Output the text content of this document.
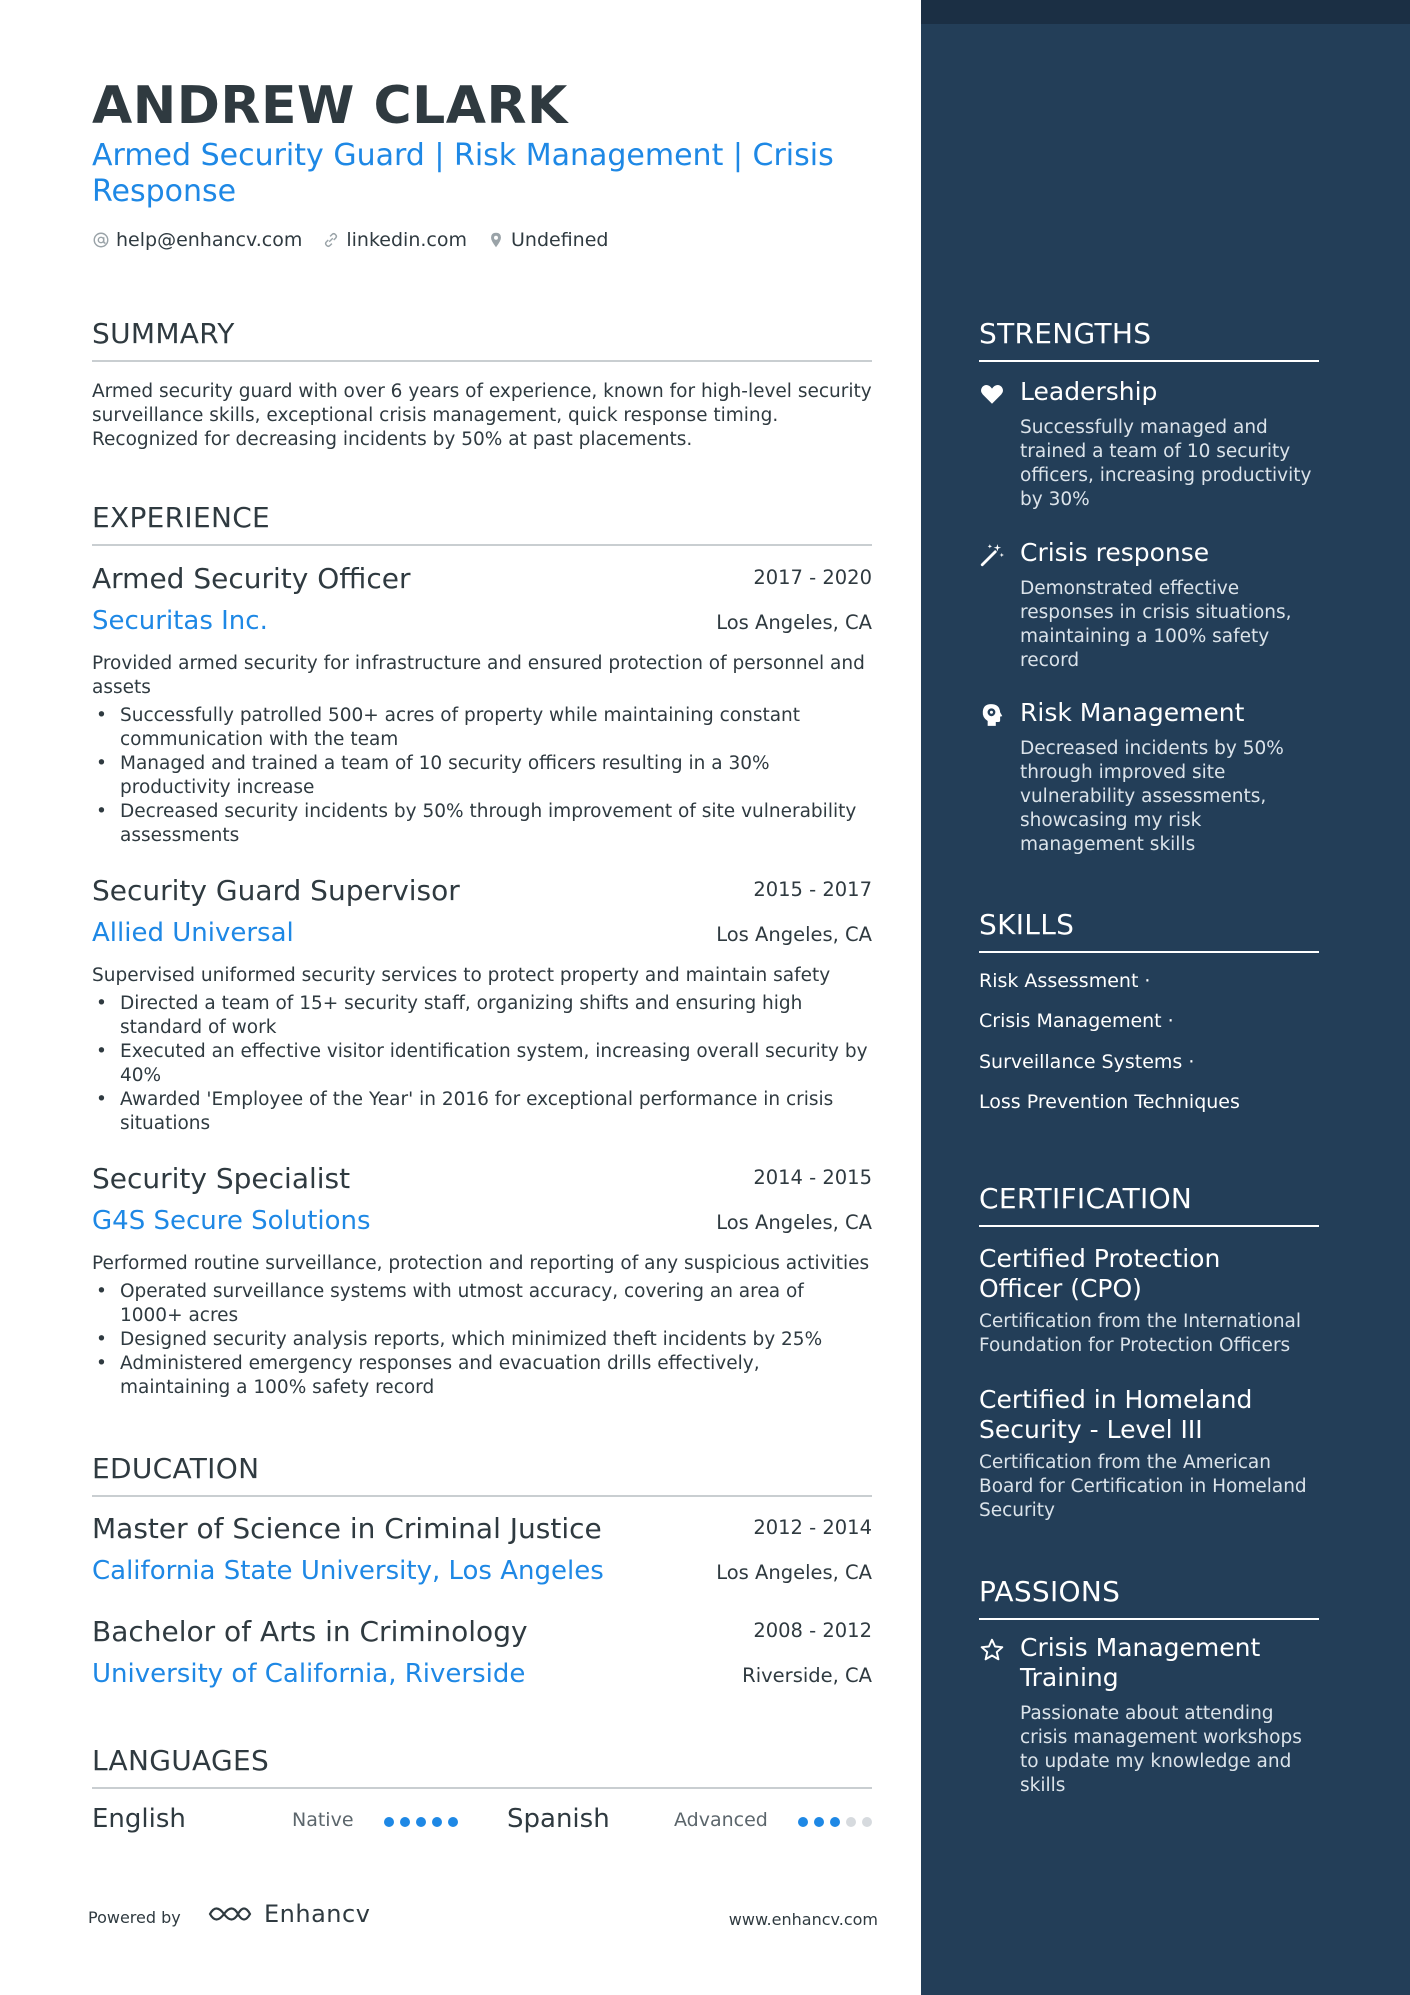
ANDREW CLARK
Armed Security Guard | Risk Management | Crisis Response
help@enhancv.com linkedin.com Undefined
SUMMARY
Armed security guard with over 6 years of experience, known for high-level security surveillance skills, exceptional crisis management, quick response timing. Recognized for decreasing incidents by 50% at past placements.
EXPERIENCE
Armed Security Officer	2017 - 2020
Securitas Inc.	Los Angeles, CA
Provided armed security for infrastructure and ensured protection of personnel and assets
• Successfully patrolled 500+ acres of property while maintaining constant communication with the team
• Managed and trained a team of 10 security officers resulting in a 30% productivity increase
• Decreased security incidents by 50% through improvement of site vulnerability assessments
Security Guard Supervisor	2015 - 2017
Allied Universal	Los Angeles, CA
Supervised uniformed security services to protect property and maintain safety
• Directed a team of 15+ security staff, organizing shifts and ensuring high standard of work
• Executed an effective visitor identification system, increasing overall security by 40%
• Awarded 'Employee of the Year' in 2016 for exceptional performance in crisis situations
Security Specialist	2014 - 2015
G4S Secure Solutions	Los Angeles, CA
Performed routine surveillance, protection and reporting of any suspicious activities
• Operated surveillance systems with utmost accuracy, covering an area of 1000+ acres
• Designed security analysis reports, which minimized theft incidents by 25%
• Administered emergency responses and evacuation drills effectively, maintaining a 100% safety record
EDUCATION
Master of Science in Criminal Justice	2012 - 2014
California State University, Los Angeles	Los Angeles, CA
Bachelor of Arts in Criminology	2008 - 2012
University of California, Riverside	Riverside, CA
LANGUAGES
English	Native	Spanish	Advanced
Powered by	Enhancv	www.enhancv.com
STRENGTHS
Leadership
Successfully managed and trained a team of 10 security officers, increasing productivity by 30%
Crisis response
Demonstrated effective responses in crisis situations, maintaining a 100% safety record
Risk Management
Decreased incidents by 50% through improved site vulnerability assessments, showcasing my risk management skills
SKILLS
Risk Assessment ·
Crisis Management ·
Surveillance Systems ·
Loss Prevention Techniques
CERTIFICATION
Certified Protection Officer (CPO)
Certification from the International Foundation for Protection Officers
Certified in Homeland Security - Level III
Certification from the American Board for Certification in Homeland Security
PASSIONS
Crisis Management Training
Passionate about attending crisis management workshops to update my knowledge and skills
